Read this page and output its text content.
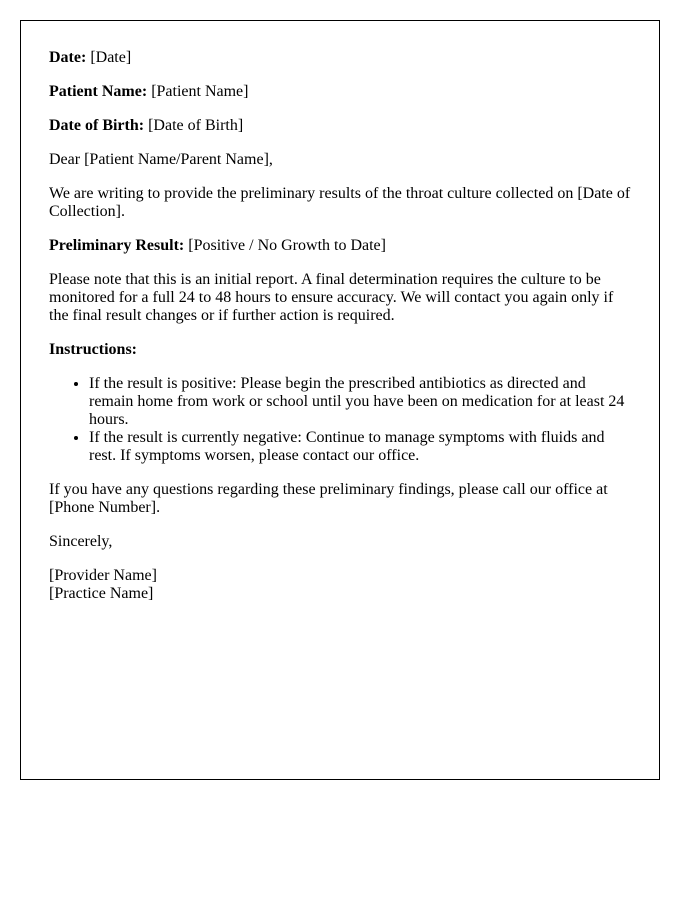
Date: [Date]

Patient Name: [Patient Name]

Date of Birth: [Date of Birth]

Dear [Patient Name/Parent Name],

We are writing to provide the preliminary results of the throat culture collected on [Date of Collection].

Preliminary Result: [Positive / No Growth to Date]

Please note that this is an initial report. A final determination requires the culture to be monitored for a full 24 to 48 hours to ensure accuracy. We will contact you again only if the final result changes or if further action is required.

Instructions:

• If the result is positive: Please begin the prescribed antibiotics as directed and remain home from work or school until you have been on medication for at least 24 hours.
• If the result is currently negative: Continue to manage symptoms with fluids and rest. If symptoms worsen, please contact our office.

If you have any questions regarding these preliminary findings, please call our office at [Phone Number].

Sincerely,

[Provider Name]

[Practice Name]
